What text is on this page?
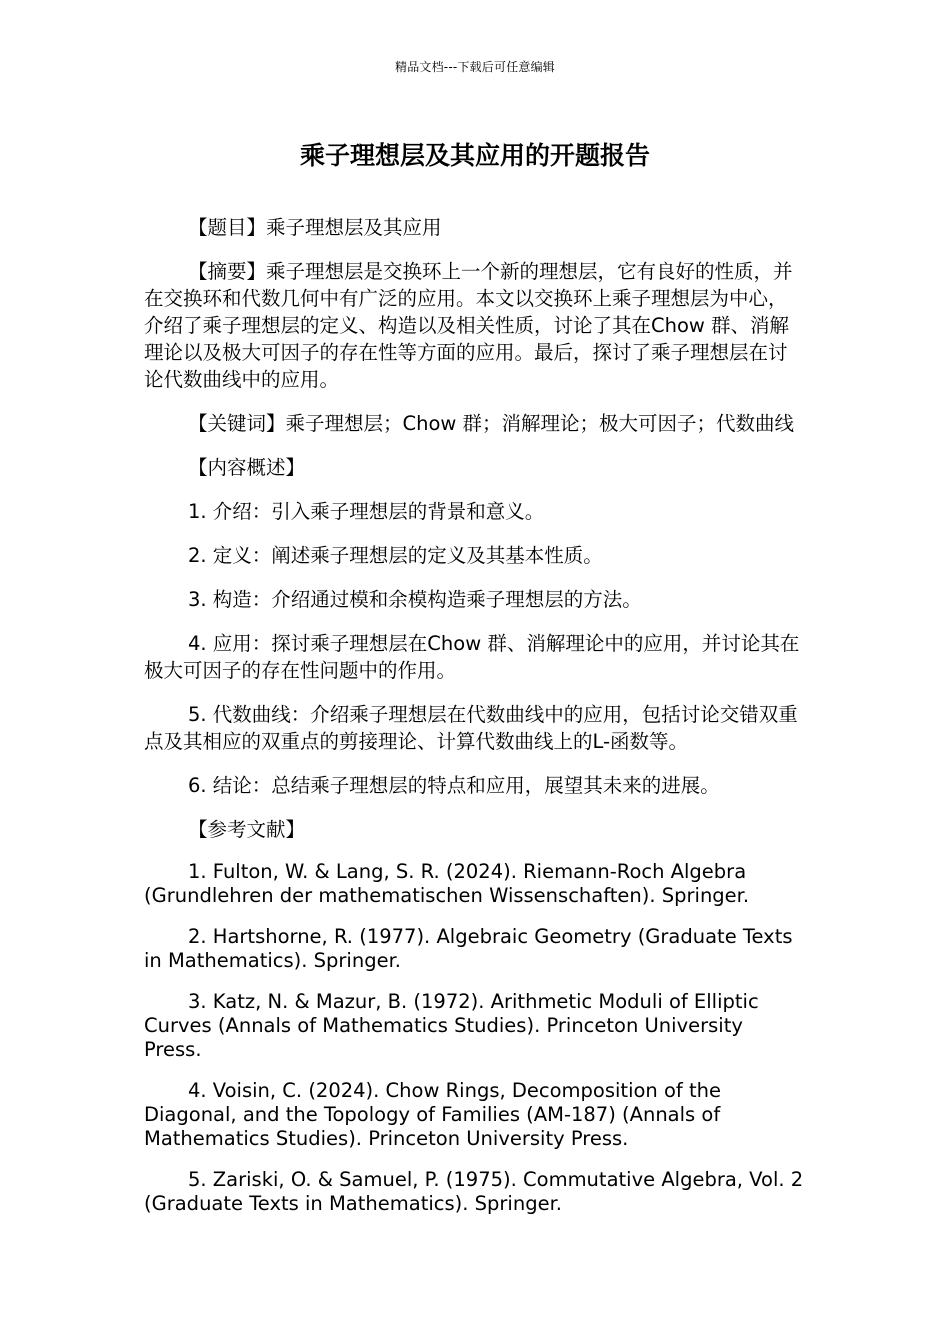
精品文档---下载后可任意编辑
乘子理想层及其应用的开题报告

【题目】乘子理想层及其应用

【摘要】乘子理想层是交换环上一个新的理想层，它有良好的性质，并在交换环和代数几何中有广泛的应用。本文以交换环上乘子理想层为中心，介绍了乘子理想层的定义、构造以及相关性质，讨论了其在Chow 群、消解理论以及极大可因子的存在性等方面的应用。最后，探讨了乘子理想层在讨论代数曲线中的应用。

【关键词】乘子理想层；Chow 群；消解理论；极大可因子；代数曲线

【内容概述】

1. 介绍：引入乘子理想层的背景和意义。

2. 定义：阐述乘子理想层的定义及其基本性质。

3. 构造：介绍通过模和余模构造乘子理想层的方法。

4. 应用：探讨乘子理想层在Chow 群、消解理论中的应用，并讨论其在极大可因子的存在性问题中的作用。

5. 代数曲线：介绍乘子理想层在代数曲线中的应用，包括讨论交错双重点及其相应的双重点的剪接理论、计算代数曲线上的L-函数等。

6. 结论：总结乘子理想层的特点和应用，展望其未来的进展。

【参考文献】

1. Fulton, W. & Lang, S. R. (2024). Riemann-Roch Algebra (Grundlehren der mathematischen Wissenschaften). Springer.

2. Hartshorne, R. (1977). Algebraic Geometry (Graduate Texts in Mathematics). Springer.

3. Katz, N. & Mazur, B. (1972). Arithmetic Moduli of Elliptic Curves (Annals of Mathematics Studies). Princeton University Press.

4. Voisin, C. (2024). Chow Rings, Decomposition of the Diagonal, and the Topology of Families (AM-187) (Annals of Mathematics Studies). Princeton University Press.

5. Zariski, O. & Samuel, P. (1975). Commutative Algebra, Vol. 2 (Graduate Texts in Mathematics). Springer.
